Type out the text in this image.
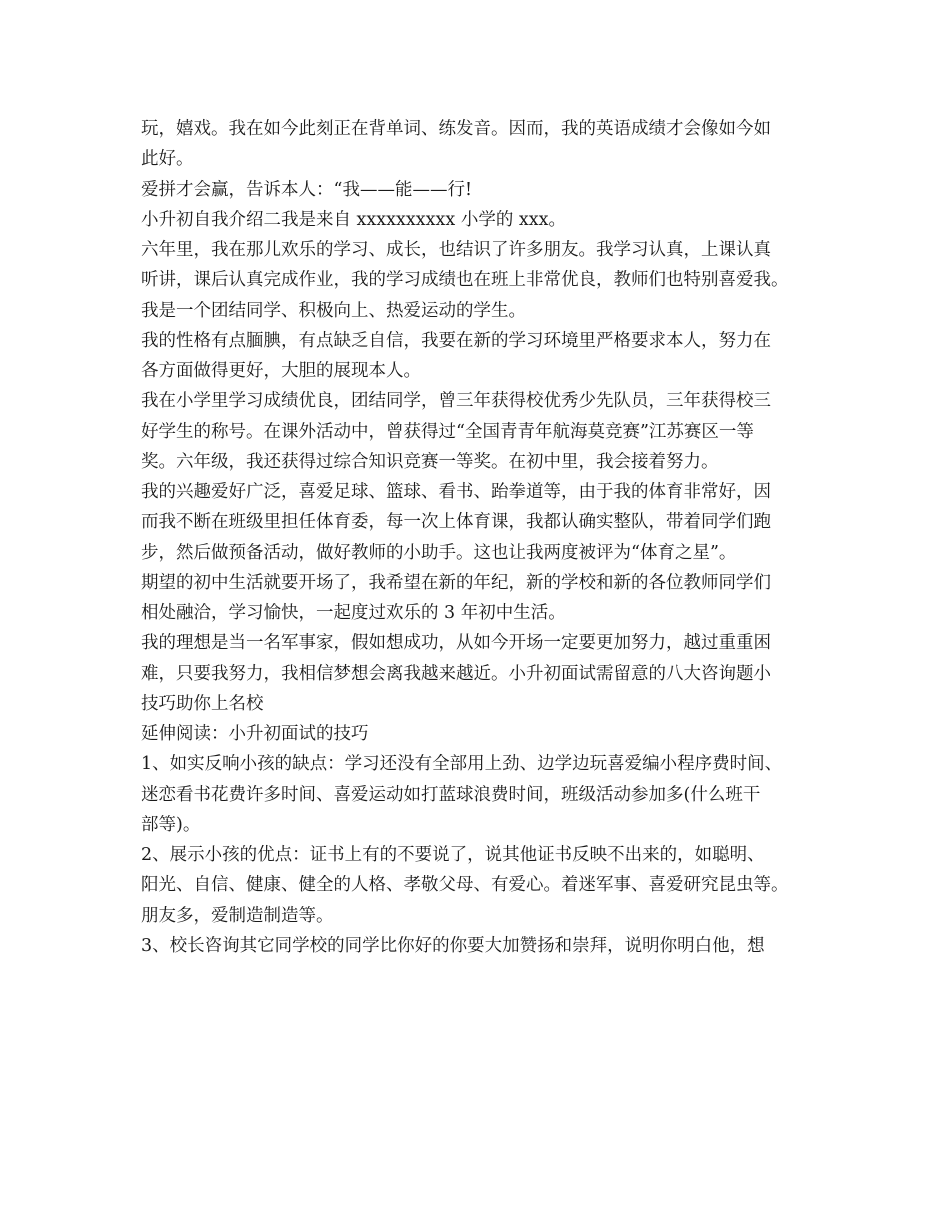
玩，嬉戏。我在如今此刻正在背单词、练发音。因而，我的英语成绩才会像如今如

此好。

爱拼才会赢，告诉本人：“我——能——行!

小升初自我介绍二我是来自 xxxxxxxxxx 小学的 xxx。

六年里，我在那儿欢乐的学习、成长，也结识了许多朋友。我学习认真，上课认真

听讲，课后认真完成作业，我的学习成绩也在班上非常优良，教师们也特别喜爱我。

我是一个团结同学、积极向上、热爱运动的学生。

我的性格有点腼腆，有点缺乏自信，我要在新的学习环境里严格要求本人，努力在

各方面做得更好，大胆的展现本人。

我在小学里学习成绩优良，团结同学，曾三年获得校优秀少先队员，三年获得校三

好学生的称号。在课外活动中，曾获得过“全国青青年航海莫竞赛”江苏赛区一等

奖。六年级，我还获得过综合知识竞赛一等奖。在初中里，我会接着努力。

我的兴趣爱好广泛，喜爱足球、篮球、看书、跆拳道等，由于我的体育非常好，因

而我不断在班级里担任体育委，每一次上体育课，我都认确实整队，带着同学们跑

步，然后做预备活动，做好教师的小助手。这也让我两度被评为“体育之星”。

期望的初中生活就要开场了，我希望在新的年纪，新的学校和新的各位教师同学们

相处融洽，学习愉快，一起度过欢乐的 3 年初中生活。

我的理想是当一名军事家，假如想成功，从如今开场一定要更加努力，越过重重困

难，只要我努力，我相信梦想会离我越来越近。小升初面试需留意的八大咨询题小

技巧助你上名校

延伸阅读：小升初面试的技巧

1、如实反响小孩的缺点：学习还没有全部用上劲、边学边玩喜爱编小程序费时间、

迷恋看书花费许多时间、喜爱运动如打蓝球浪费时间，班级活动参加多(什么班干

部等)。

2、展示小孩的优点：证书上有的不要说了，说其他证书反映不出来的，如聪明、

阳光、自信、健康、健全的人格、孝敬父母、有爱心。着迷军事、喜爱研究昆虫等。

朋友多，爱制造制造等。

3、校长咨询其它同学校的同学比你好的你要大加赞扬和崇拜，说明你明白他，想
